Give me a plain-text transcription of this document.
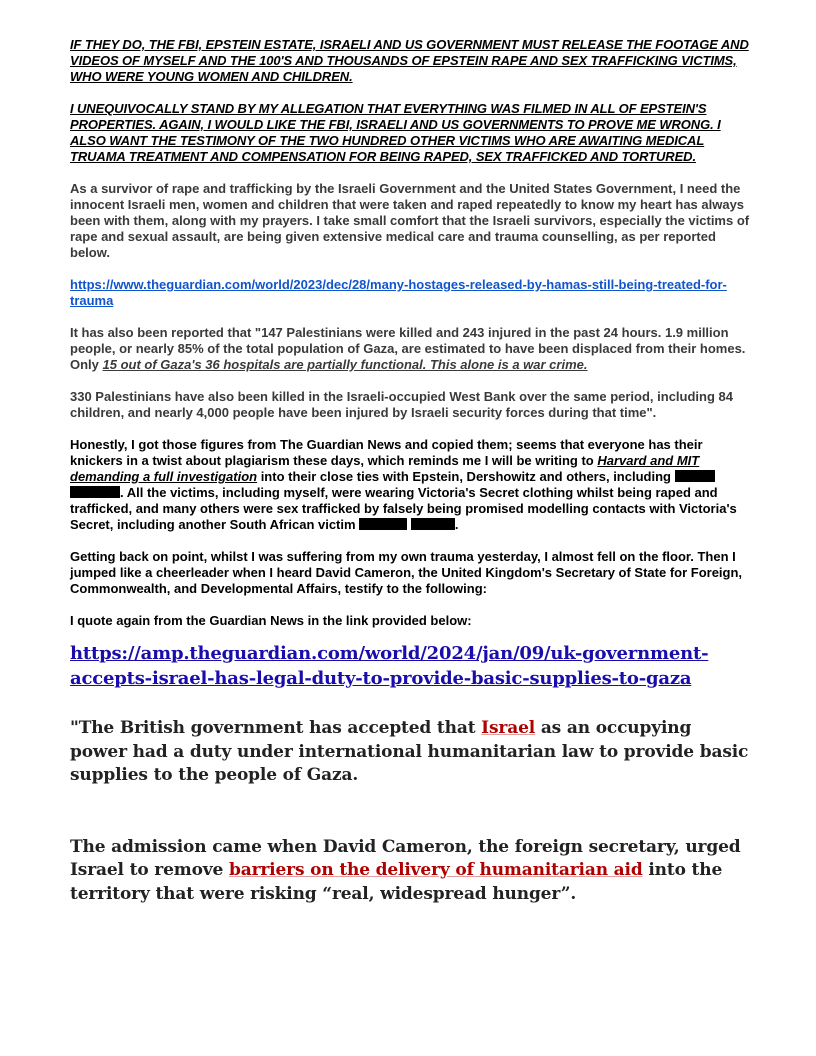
IF THEY DO, THE FBI, EPSTEIN ESTATE, ISRAELI AND US GOVERNMENT MUST RELEASE THE FOOTAGE AND VIDEOS OF MYSELF AND THE 100'S AND THOUSANDS OF EPSTEIN RAPE AND SEX TRAFFICKING VICTIMS, WHO WERE YOUNG WOMEN AND CHILDREN.

I UNEQUIVOCALLY STAND BY MY ALLEGATION THAT EVERYTHING WAS FILMED IN ALL OF EPSTEIN'S PROPERTIES. AGAIN, I WOULD LIKE THE FBI, ISRAELI AND US GOVERNMENTS TO PROVE ME WRONG. I ALSO WANT THE TESTIMONY OF THE TWO HUNDRED OTHER VICTIMS WHO ARE AWAITING MEDICAL TRUAMA TREATMENT AND COMPENSATION FOR BEING RAPED, SEX TRAFFICKED AND TORTURED.

As a survivor of rape and trafficking by the Israeli Government and the United States Government, I need the innocent Israeli men, women and children that were taken and raped repeatedly to know my heart has always been with them, along with my prayers. I take small comfort that the Israeli survivors, especially the victims of rape and sexual assault, are being given extensive medical care and trauma counselling, as per reported below.

https://www.theguardian.com/world/2023/dec/28/many-hostages-released-by-hamas-still-being-treated-for-trauma

It has also been reported that "147 Palestinians were killed and 243 injured in the past 24 hours. 1.9 million people, or nearly 85% of the total population of Gaza, are estimated to have been displaced from their homes. Only 15 out of Gaza's 36 hospitals are partially functional. This alone is a war crime.

330 Palestinians have also been killed in the Israeli-occupied West Bank over the same period, including 84 children, and nearly 4,000 people have been injured by Israeli security forces during that time".

Honestly, I got those figures from The Guardian News and copied them; seems that everyone has their knickers in a twist about plagiarism these days, which reminds me I will be writing to Harvard and MIT demanding a full investigation into their close ties with Epstein, Dershowitz and others, including  . All the victims, including myself, were wearing Victoria's Secret clothing whilst being raped and trafficked, and many others were sex trafficked by falsely being promised modelling contacts with Victoria's Secret, including another South African victim	.

Getting back on point, whilst I was suffering from my own trauma yesterday, I almost fell on the floor. Then I jumped like a cheerleader when I heard David Cameron, the United Kingdom's Secretary of State for Foreign, Commonwealth, and Developmental Affairs, testify to the following:

I quote again from the Guardian News in the link provided below:

https://amp.theguardian.com/world/2024/jan/09/uk-government-accepts-israel-has-legal-duty-to-provide-basic-supplies-to-gaza

"The British government has accepted that Israel as an occupying power had a duty under international humanitarian law to provide basic supplies to the people of Gaza.

The admission came when David Cameron, the foreign secretary, urged Israel to remove barriers on the delivery of humanitarian aid into the territory that were risking “real, widespread hunger”.
